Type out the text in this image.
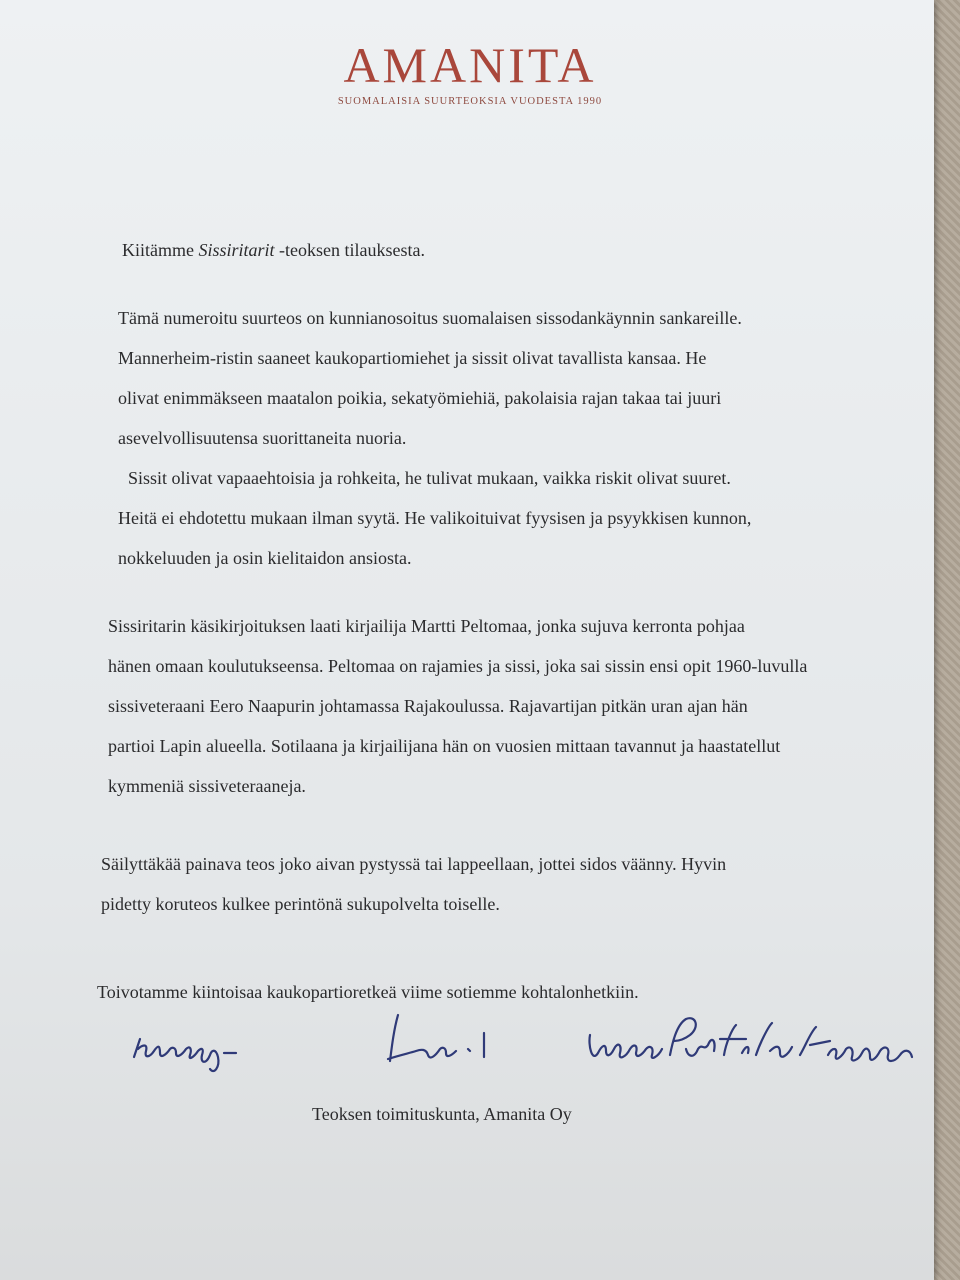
AMANITA
SUOMALAISIA SUURTEOKSIA VUODESTA 1990
Kiitämme Sissiritarit -teoksen tilauksesta.
Tämä numeroitu suurteos on kunnianosoitus suomalaisen sissodankäynnin sankareille.
Mannerheim-ristin saaneet kaukopartiomiehet ja sissit olivat tavallista kansaa. He
olivat enimmäkseen maatalon poikia, sekatyömiehiä, pakolaisia rajan takaa tai juuri
asevelvollisuutensa suorittaneita nuoria.
Sissit olivat vapaaehtoisia ja rohkeita, he tulivat mukaan, vaikka riskit olivat suuret.
Heitä ei ehdotettu mukaan ilman syytä. He valikoituivat fyysisen ja psyykkisen kunnon,
nokkeluuden ja osin kielitaidon ansiosta.
Sissiritarin käsikirjoituksen laati kirjailija Martti Peltomaa, jonka sujuva kerronta pohjaa
hänen omaan koulutukseensa. Peltomaa on rajamies ja sissi, joka sai sissin ensi opit 1960-luvulla
sissiveteraani Eero Naapurin johtamassa Rajakoulussa. Rajavartijan pitkän uran ajan hän
partioi Lapin alueella. Sotilaana ja kirjailijana hän on vuosien mittaan tavannut ja haastatellut
kymmeniä sissiveteraaneja.
Säilyttäkää painava teos joko aivan pystyssä tai lappeellaan, jottei sidos väänny. Hyvin
pidetty koruteos kulkee perintönä sukupolvelta toiselle.
Toivotamme kiintoisaa kaukopartioretkeä viime sotiemme kohtalonhetkiin.
Teoksen toimituskunta, Amanita Oy
